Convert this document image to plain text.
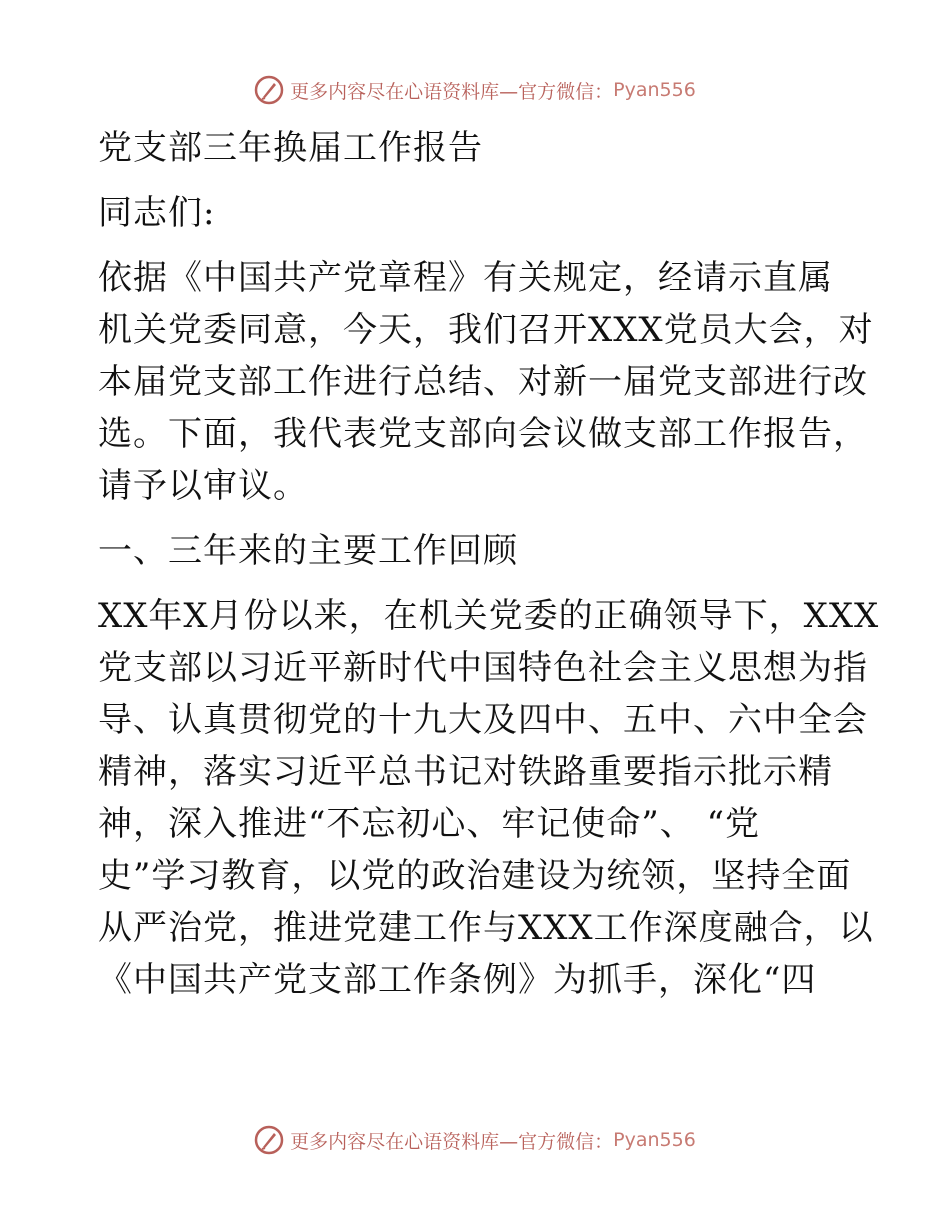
更多内容尽在心语资料库—官方微信： Pyan556
党支部三年换届工作报告
同志们:
依据《中国共产党章程》有关规定，经请示直属
机关党委同意，今天，我们召开XXX党员大会，对
本届党支部工作进行总结、对新一届党支部进行改
选。下面，我代表党支部向会议做支部工作报告，
请予以审议。
一、三年来的主要工作回顾
XX年X月份以来，在机关党委的正确领导下，XXX
党支部以习近平新时代中国特色社会主义思想为指
导、认真贯彻党的十九大及四中、五中、六中全会
精神，落实习近平总书记对铁路重要指示批示精
神，深入推进“不忘初心、牢记使命”、 “党
史”学习教育，以党的政治建设为统领，坚持全面
从严治党，推进党建工作与XXX工作深度融合，以
《中国共产党支部工作条例》为抓手，深化“四
更多内容尽在心语资料库—官方微信： Pyan556
